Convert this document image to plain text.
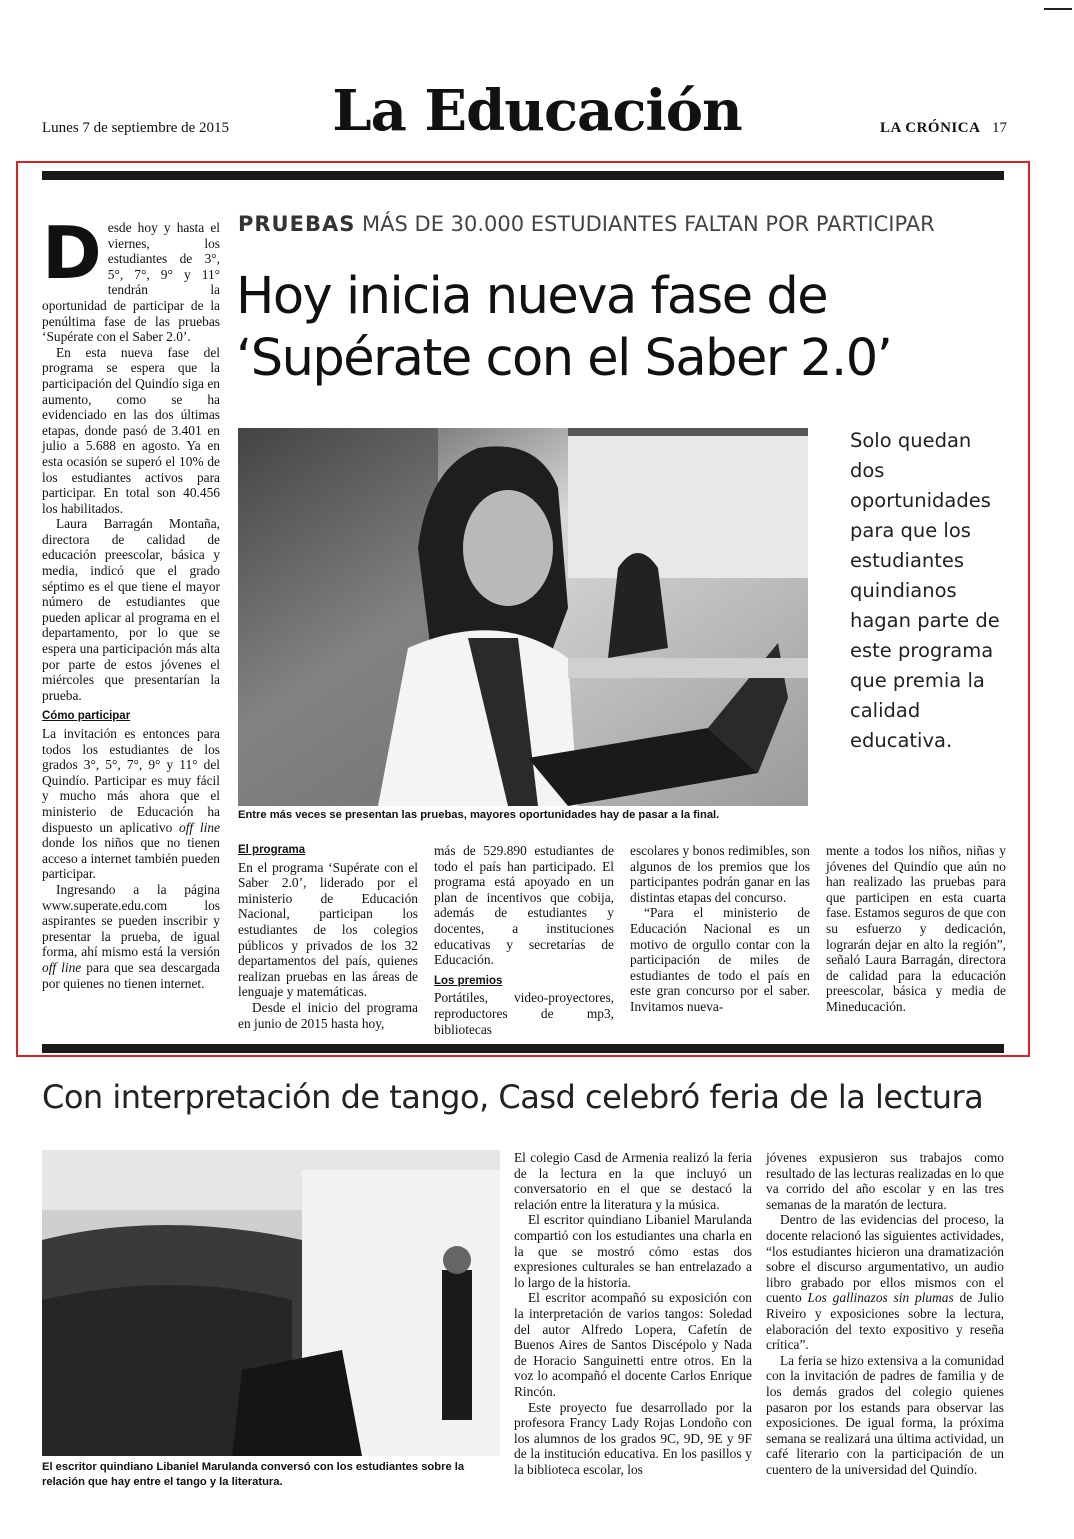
Lunes 7 de septiembre de 2015	La Educación	LA CRÓNICA 17
D esde hoy y hasta el viernes, los estudiantes de 3°, 5°, 7°, 9° y 11° tendrán la oportunidad de participar de la penúltima fase de las pruebas ‘Supérate con el Saber 2.0’.

En esta nueva fase del programa se espera que la participación del Quindío siga en aumento, como se ha evidenciado en las dos últimas etapas, donde pasó de 3.401 en julio a 5.688 en agosto. Ya en esta ocasión se superó el 10% de los estudiantes activos para participar. En total son 40.456 los habilitados.

Laura Barragán Montaña, directora de calidad de educación preescolar, básica y media, indicó que el grado séptimo es el que tiene el mayor número de estudiantes que pueden aplicar al programa en el departamento, por lo que se espera una participación más alta por parte de estos jóvenes el miércoles que presentarían la prueba.

Cómo participar

La invitación es entonces para todos los estudiantes de los grados 3°, 5°, 7°, 9° y 11° del Quindío. Participar es muy fácil y mucho más ahora que el ministerio de Educación ha dispuesto un aplicativo off line donde los niños que no tienen acceso a internet también pueden participar.

Ingresando a la página www.superate.edu.com los aspirantes se pueden inscribir y presentar la prueba, de igual forma, ahí mismo está la versión off line para que sea descargada por quienes no tienen internet.

PRUEBAS MÁS DE 30.000 ESTUDIANTES FALTAN POR PARTICIPAR
Hoy inicia nueva fase de
‘Supérate con el Saber 2.0’
Entre más veces se presentan las pruebas, mayores oportunidades hay de pasar a la final.
Solo quedan dos oportunidades para que los estudiantes quindianos hagan parte de este programa que premia la calidad educativa.
El programa

En el programa ‘Supérate con el Saber 2.0’, liderado por el ministerio de Educación Nacional, participan los estudiantes de los colegios públicos y privados de los 32 departamentos del país, quienes realizan pruebas en las áreas de lenguaje y matemáticas.

Desde el inicio del programa en junio de 2015 hasta hoy,

más de 529.890 estudiantes de todo el país han participado. El programa está apoyado en un plan de incentivos que cobija, además de estudiantes y docentes, a instituciones educativas y secretarías de Educación.

Los premios

Portátiles, video-proyectores, reproductores de mp3, bibliotecas

escolares y bonos redimibles, son algunos de los premios que los participantes podrán ganar en las distintas etapas del concurso.

“Para el ministerio de Educación Nacional es un motivo de orgullo contar con la participación de miles de estudiantes de todo el país en este gran concurso por el saber. Invitamos nueva-

mente a todos los niños, niñas y jóvenes del Quindío que aún no han realizado las pruebas para que participen en esta cuarta fase. Estamos seguros de que con su esfuerzo y dedicación, lograrán dejar en alto la región”, señaló Laura Barragán, directora de calidad para la educación preescolar, básica y media de Mineducación.

Con interpretación de tango, Casd celebró feria de la lectura
El escritor quindiano Libaniel Marulanda conversó con los estudiantes sobre la relación que hay entre el tango y la literatura.

El colegio Casd de Armenia realizó la feria de la lectura en la que incluyó un conversatorio en el que se destacó la relación entre la literatura y la música.

El escritor quindiano Libaniel Marulanda compartió con los estudiantes una charla en la que se mostró cómo estas dos expresiones culturales se han entrelazado a lo largo de la historia.

El escritor acompañó su exposición con la interpretación de varios tangos: Soledad del autor Alfredo Lopera, Cafetín de Buenos Aires de Santos Discépolo y Nada de Horacio Sanguinetti entre otros. En la voz lo acompañó el docente Carlos Enrique Rincón.

Este proyecto fue desarrollado por la profesora Francy Lady Rojas Londoño con los alumnos de los grados 9C, 9D, 9E y 9F de la institución educativa. En los pasillos y la biblioteca escolar, los

jóvenes expusieron sus trabajos como resultado de las lecturas realizadas en lo que va corrido del año escolar y en las tres semanas de la maratón de lectura.

Dentro de las evidencias del proceso, la docente relacionó las siguientes actividades, “los estudiantes hicieron una dramatización sobre el discurso argumentativo, un audio libro grabado por ellos mismos con el cuento Los gallinazos sin plumas de Julio Riveiro y exposiciones sobre la lectura, elaboración del texto expositivo y reseña crítica”.

La feria se hizo extensiva a la comunidad con la invitación de padres de familia y de los demás grados del colegio quienes pasaron por los estands para observar las exposiciones. De igual forma, la próxima semana se realizará una última actividad, un café literario con la participación de un cuentero de la universidad del Quindío.
